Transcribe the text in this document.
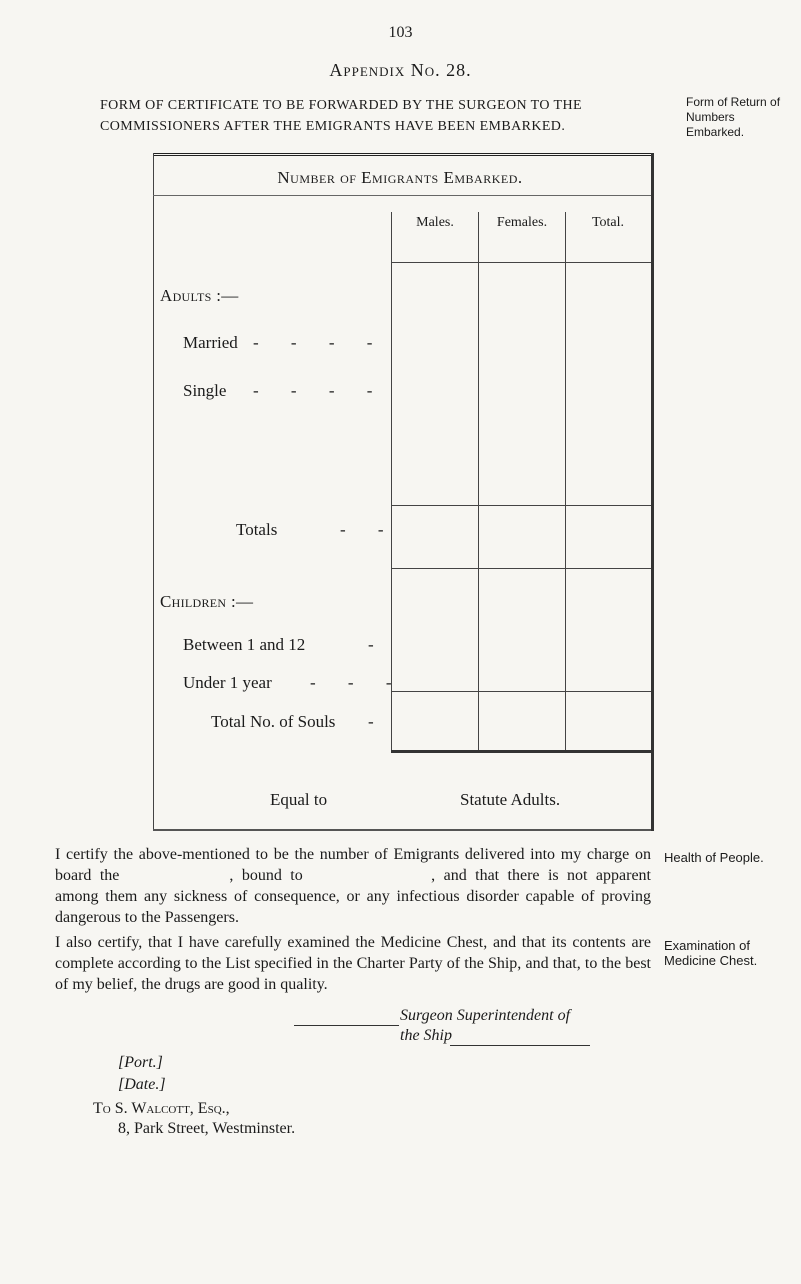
103
Appendix No. 28.
FORM OF CERTIFICATE TO BE FORWARDED BY THE SURGEON TO THE COMMISSIONERS AFTER THE EMIGRANTS HAVE BEEN EMBARKED.
Form of Return of Numbers Embarked.
Number of Emigrants Embarked.
Males.	Females.	Total.
Adults :—
Married - - - -
Single - - - -
Totals	- -
Children :—
Between 1 and 12	-
Under 1 year - - -
Total No. of Souls -
Equal to	Statute Adults.
I certify the above-mentioned to be the number of Emigrants delivered into my charge on board the	, bound to	, and that there is not apparent among them any sickness of consequence, or any infectious disorder capable of proving dangerous to the Passengers.
Health of People.
I also certify, that I have carefully examined the Medicine Chest, and that its contents are complete according to the List specified in the Charter Party of the Ship, and that, to the best of my belief, the drugs are good in quality.
Examination of Medicine Chest.
Surgeon Superintendent of
the Ship
[Port.]
[Date.]
To S. Walcott, Esq.,
8, Park Street, Westminster.
